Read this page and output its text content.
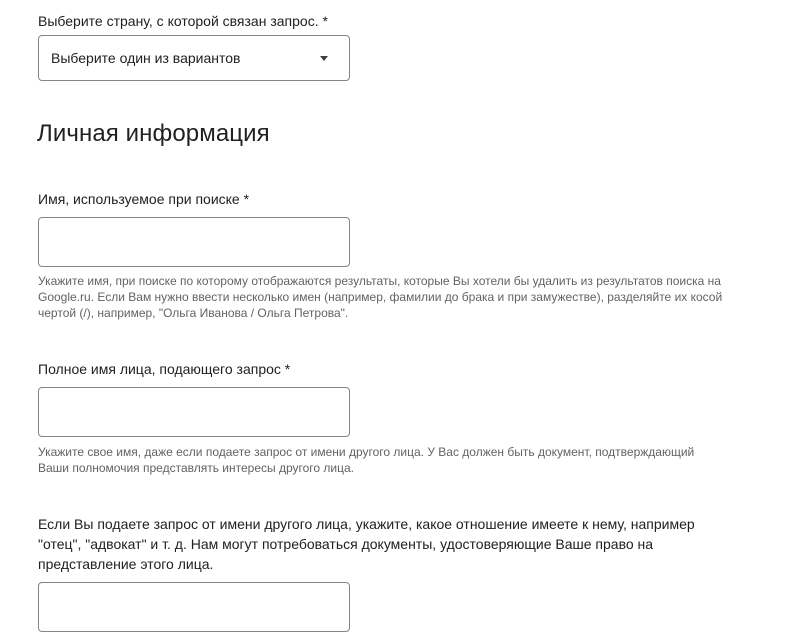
Выберите страну, с которой связан запрос. *
Выберите один из вариантов
Личная информация
Имя, используемое при поиске *
Укажите имя, при поиске по которому отображаются результаты, которые Вы хотели бы удалить из результатов поиска на
Google.ru. Если Вам нужно ввести несколько имен (например, фамилии до брака и при замужестве), разделяйте их косой
чертой (/), например, "Ольга Иванова / Ольга Петрова".
Полное имя лица, подающего запрос *
Укажите свое имя, даже если подаете запрос от имени другого лица. У Вас должен быть документ, подтверждающий
Ваши полномочия представлять интересы другого лица.
Если Вы подаете запрос от имени другого лица, укажите, какое отношение имеете к нему, например
"отец", "адвокат" и т. д. Нам могут потребоваться документы, удостоверяющие Ваше право на
представление этого лица.
